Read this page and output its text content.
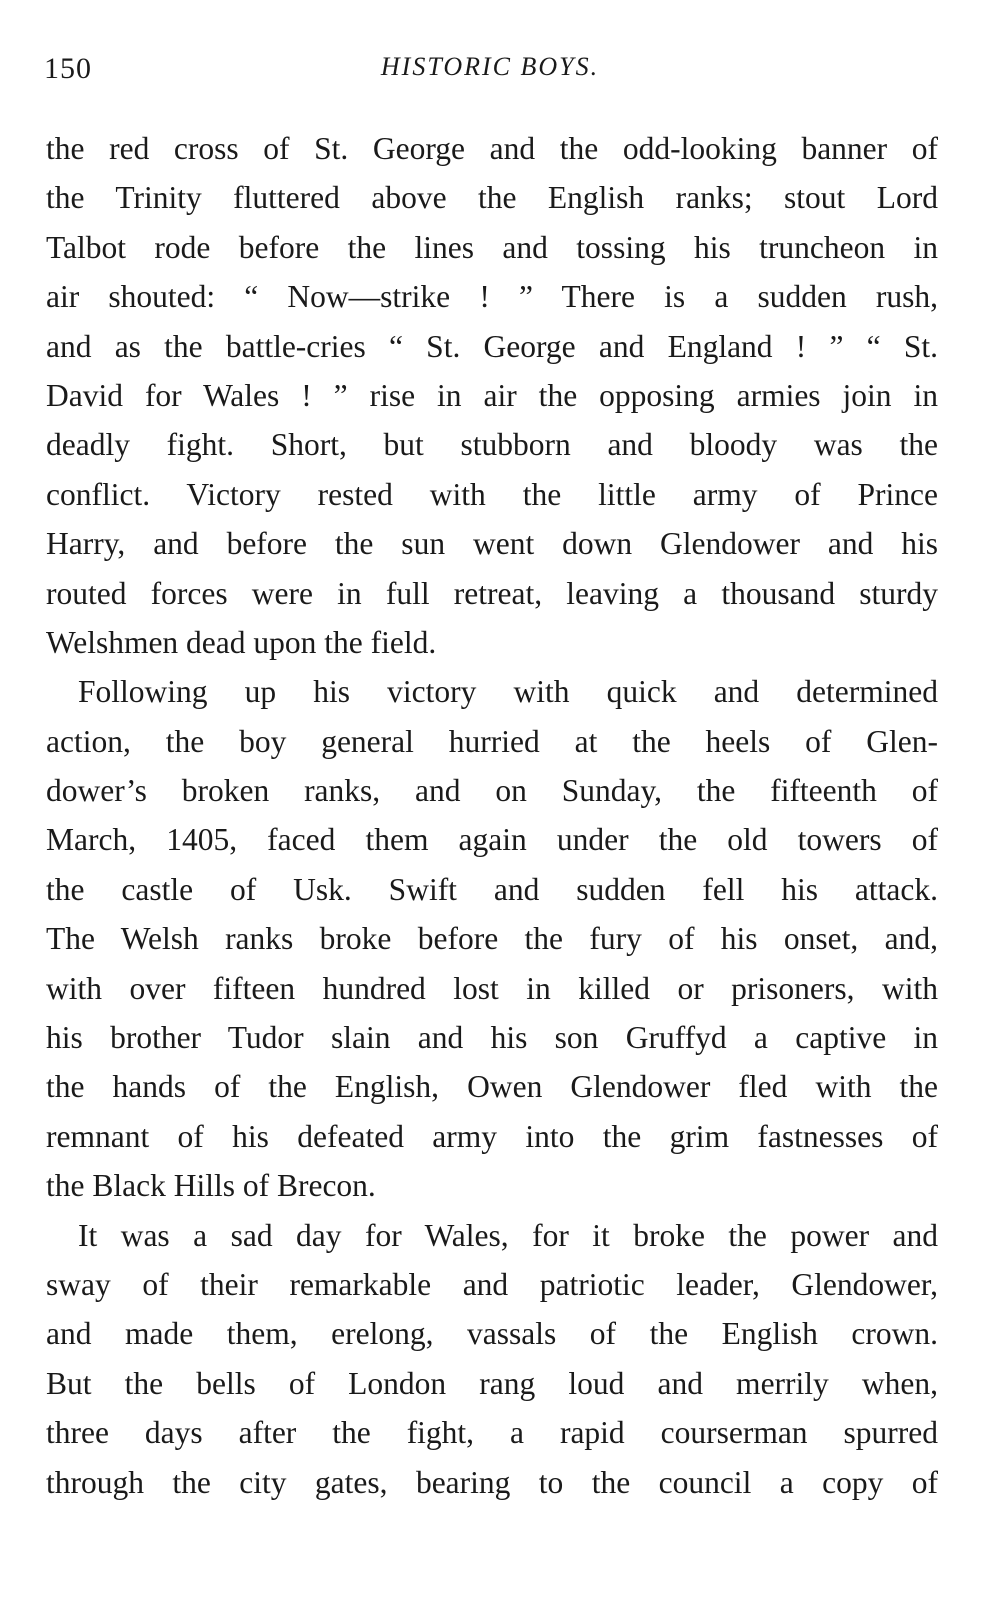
150	HISTORIC BOYS.
the red cross of St. George and the odd-looking banner of
the Trinity fluttered above the English ranks; stout Lord
Talbot rode before the lines and tossing his truncheon in
air shouted: “ Now—strike ! ” There is a sudden rush,
and as the battle-cries “ St. George and England ! ” “ St.
David for Wales ! ” rise in air the opposing armies join in
deadly fight. Short, but stubborn and bloody was the
conflict. Victory rested with the little army of Prince
Harry, and before the sun went down Glendower and his
routed forces were in full retreat, leaving a thousand sturdy
Welshmen dead upon the field.
Following up his victory with quick and determined
action, the boy general hurried at the heels of Glen-
dower’s broken ranks, and on Sunday, the fifteenth of
March, 1405, faced them again under the old towers of
the castle of Usk. Swift and sudden fell his attack.
The Welsh ranks broke before the fury of his onset, and,
with over fifteen hundred lost in killed or prisoners, with
his brother Tudor slain and his son Gruffyd a captive in
the hands of the English, Owen Glendower fled with the
remnant of his defeated army into the grim fastnesses of
the Black Hills of Brecon.
It was a sad day for Wales, for it broke the power and
sway of their remarkable and patriotic leader, Glendower,
and made them, erelong, vassals of the English crown.
But the bells of London rang loud and merrily when,
three days after the fight, a rapid courserman spurred
through the city gates, bearing to the council a copy of
